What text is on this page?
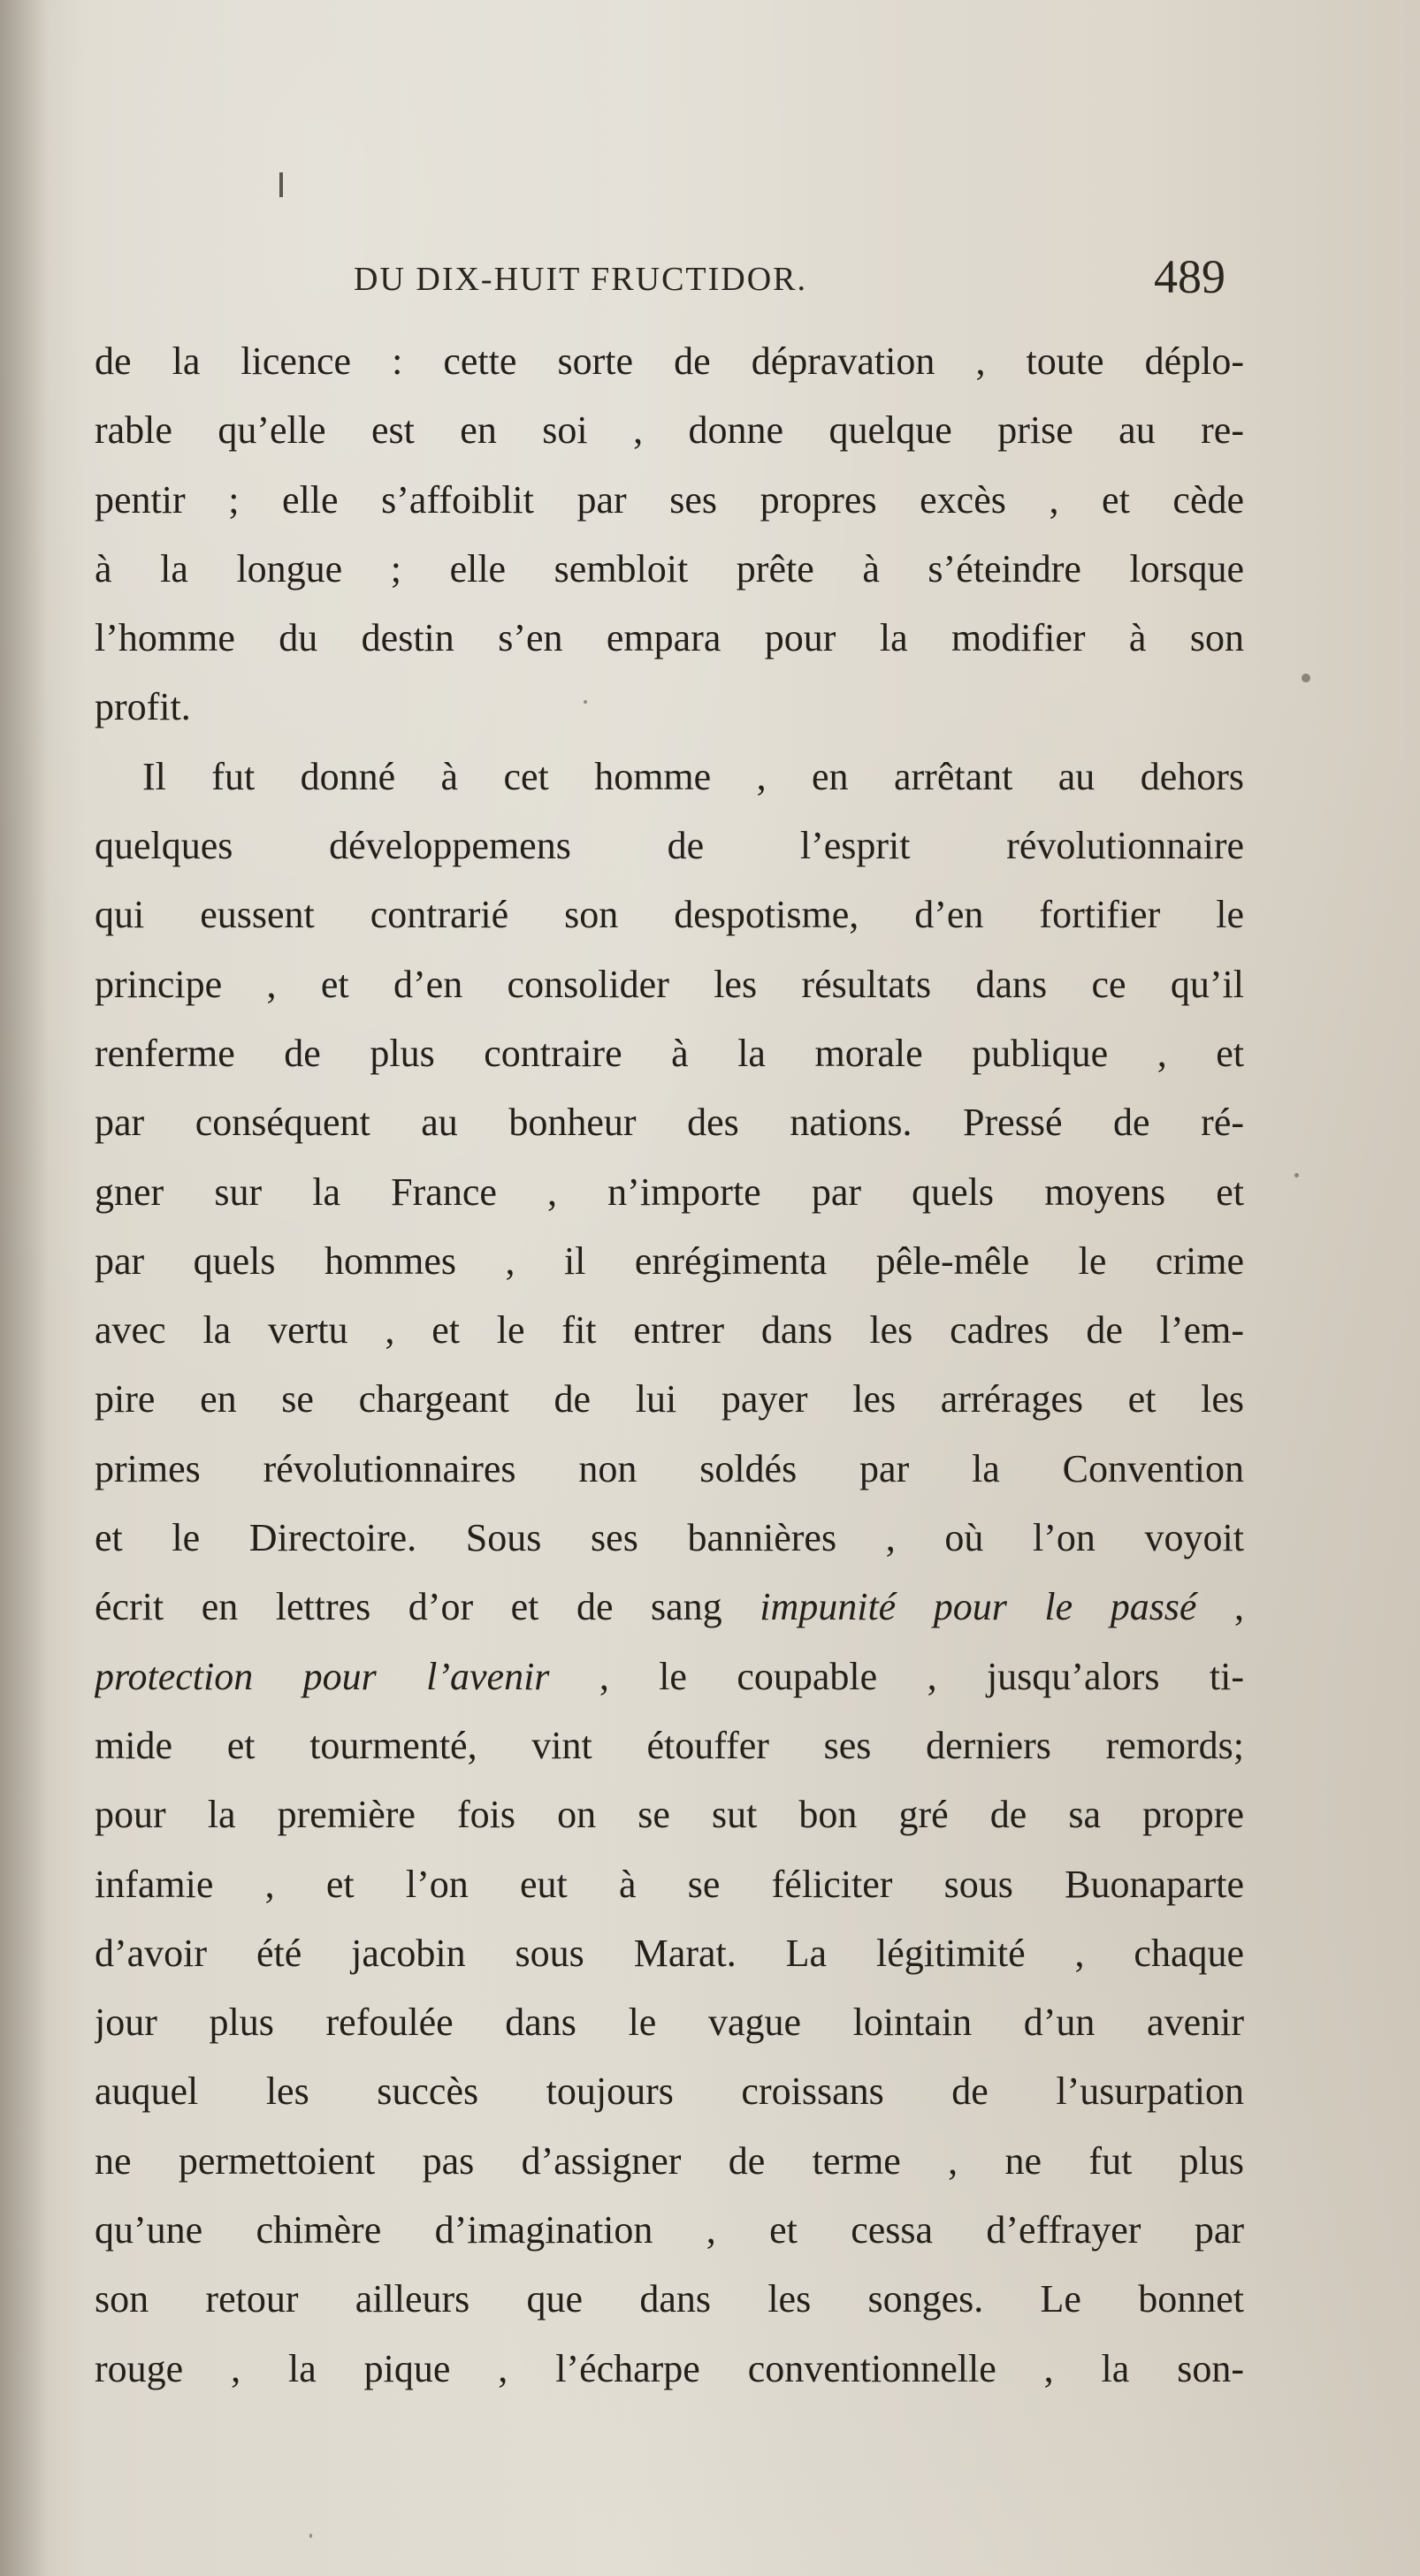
DU DIX-HUIT FRUCTIDOR.	489
de la licence : cette sorte de dépravation , toute déplo-
rable qu’elle est en soi , donne quelque prise au re-
pentir ; elle s’affoiblit par ses propres excès , et cède
à la longue ; elle sembloit prête à s’éteindre lorsque
l’homme du destin s’en empara pour la modifier à son
profit.
Il fut donné à cet homme , en arrêtant au dehors
quelques développemens de l’esprit révolutionnaire
qui eussent contrarié son despotisme, d’en fortifier le
principe , et d’en consolider les résultats dans ce qu’il
renferme de plus contraire à la morale publique , et
par conséquent au bonheur des nations. Pressé de ré-
gner sur la France , n’importe par quels moyens et
par quels hommes , il enrégimenta pêle-mêle le crime
avec la vertu , et le fit entrer dans les cadres de l’em-
pire en se chargeant de lui payer les arrérages et les
primes révolutionnaires non soldés par la Convention
et le Directoire. Sous ses bannières , où l’on voyoit
écrit en lettres d’or et de sang impunité pour le passé ,
protection pour l’avenir , le coupable , jusqu’alors ti-
mide et tourmenté, vint étouffer ses derniers remords;
pour la première fois on se sut bon gré de sa propre
infamie , et l’on eut à se féliciter sous Buonaparte
d’avoir été jacobin sous Marat. La légitimité , chaque
jour plus refoulée dans le vague lointain d’un avenir
auquel les succès toujours croissans de l’usurpation
ne permettoient pas d’assigner de terme , ne fut plus
qu’une chimère d’imagination , et cessa d’effrayer par
son retour ailleurs que dans les songes. Le bonnet
rouge , la pique , l’écharpe conventionnelle , la son-
